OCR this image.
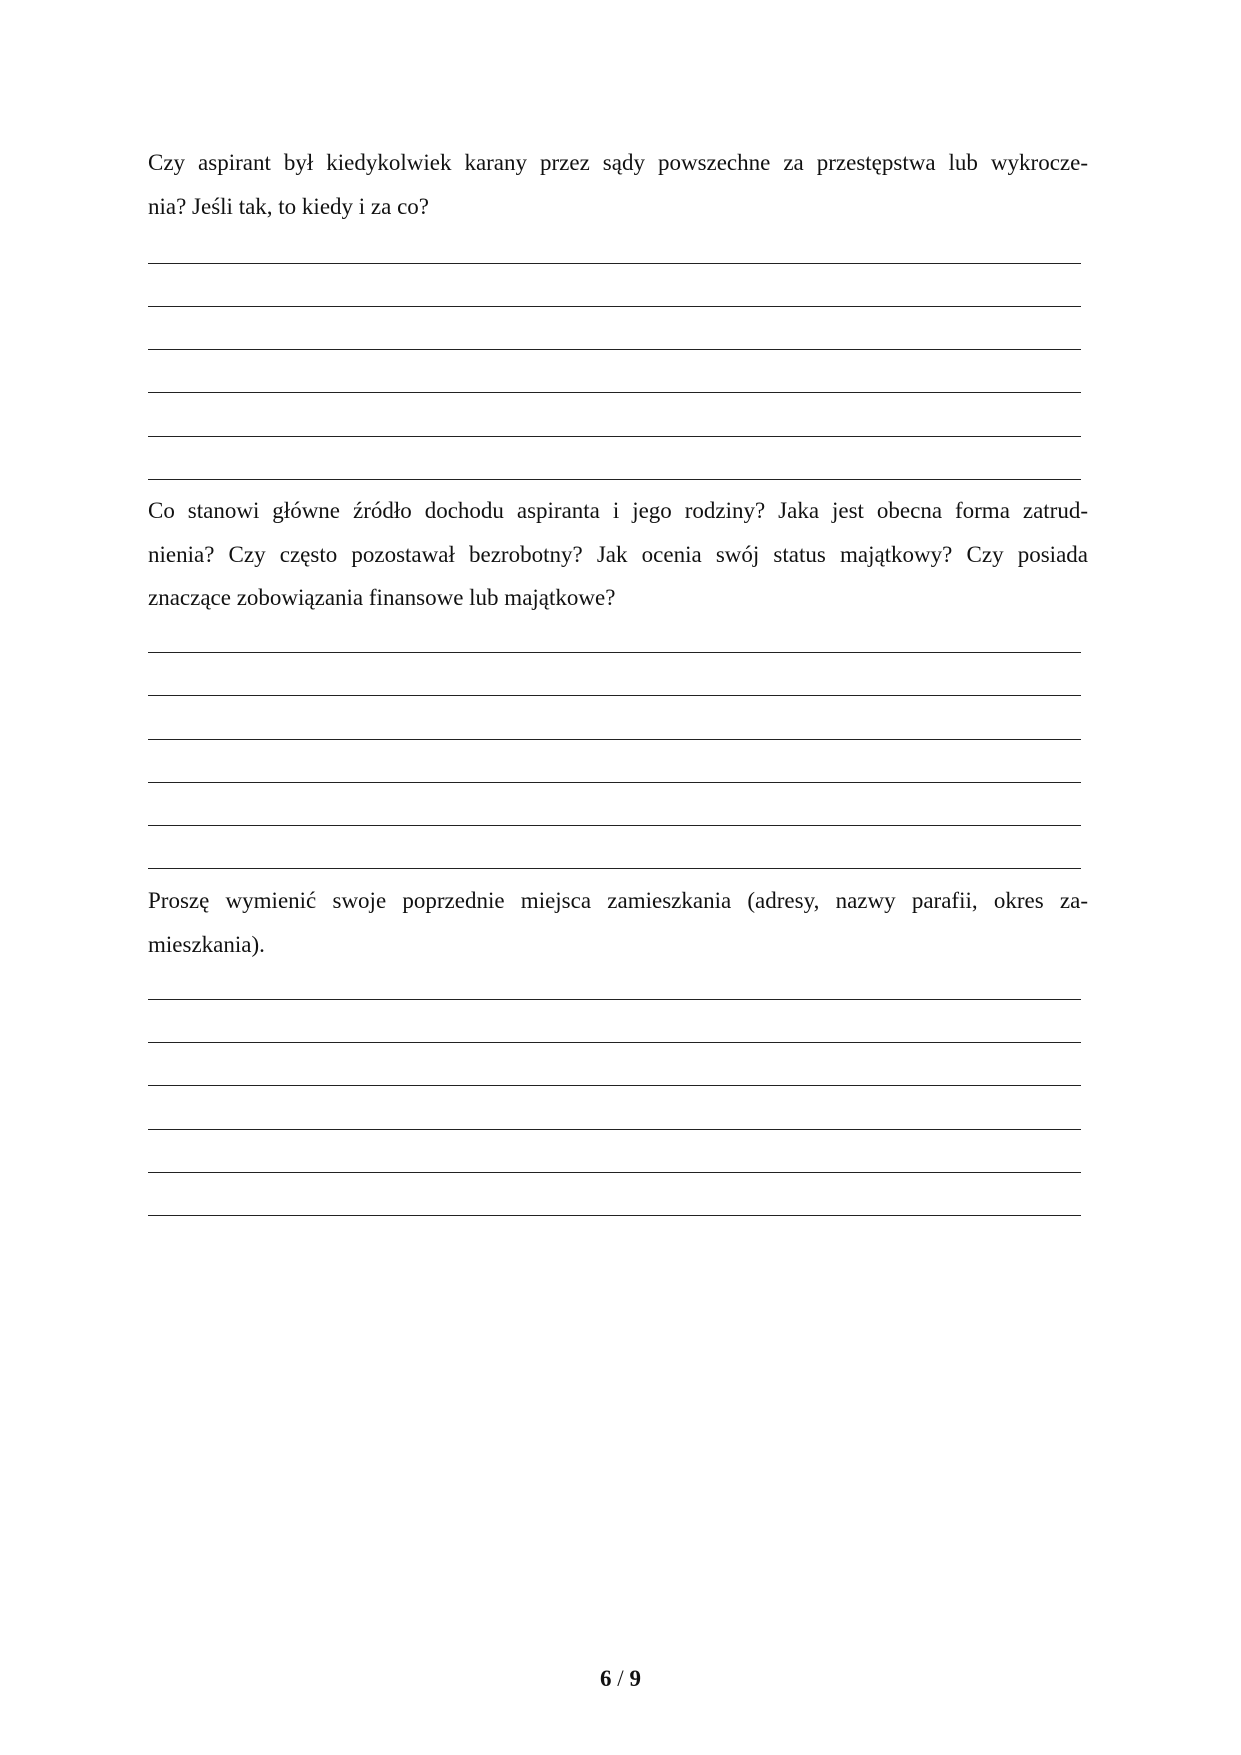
Czy aspirant był kiedykolwiek karany przez sądy powszechne za przestępstwa lub wykrocze-
nia? Jeśli tak, to kiedy i za co?
Co stanowi główne źródło dochodu aspiranta i jego rodziny? Jaka jest obecna forma zatrud-
nienia? Czy często pozostawał bezrobotny? Jak ocenia swój status majątkowy? Czy posiada
znaczące zobowiązania finansowe lub majątkowe?
Proszę wymienić swoje poprzednie miejsca zamieszkania (adresy, nazwy parafii, okres za-
mieszkania).
6 / 9
